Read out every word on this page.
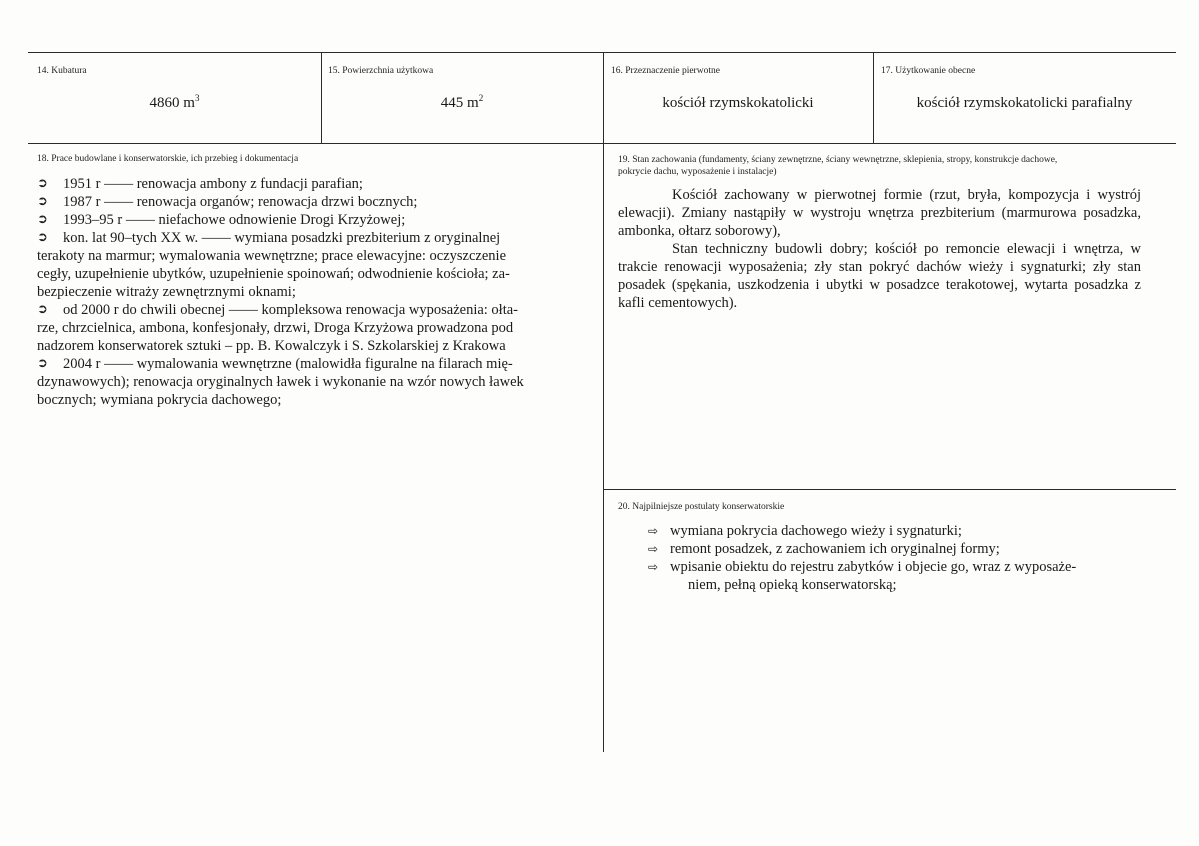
14. Kubatura
4860 $m^3$
15. Powierzchnia użytkowa
445 $m^2$
16. Przeznaczenie pierwotne
kościół rzymskokatolicki
17. Użytkowanie obecne
kościół rzymskokatolicki parafialny
18. Prace budowlane i konserwatorskie, ich przebieg i dokumentacja
➲	1951 r —— renowacja ambony z fundacji parafian;
➲	1987 r —— renowacja organów; renowacja drzwi bocznych;
➲	1993–95 r —— niefachowe odnowienie Drogi Krzyżowej;
➲	kon. lat 90–tych XX w. —— wymiana posadzki prezbiterium z oryginalnej
terakoty na marmur; wymalowania wewnętrzne; prace elewacyjne: oczyszczenie
cegły, uzupełnienie ubytków, uzupełnienie spoinowań; odwodnienie kościoła; za-
bezpieczenie witraży zewnętrznymi oknami;
➲	od 2000 r do chwili obecnej —— kompleksowa renowacja wyposażenia: ołta-
rze, chrzcielnica, ambona, konfesjonały, drzwi, Droga Krzyżowa prowadzona pod
nadzorem konserwatorek sztuki – pp. B. Kowalczyk i S. Szkolarskiej z Krakowa
➲	2004 r —— wymalowania wewnętrzne (malowidła figuralne na filarach mię-
dzynawowych); renowacja oryginalnych ławek i wykonanie na wzór nowych ławek
bocznych; wymiana pokrycia dachowego;
19. Stan zachowania (fundamenty, ściany zewnętrzne, ściany wewnętrzne, sklepienia, stropy, konstrukcje dachowe,
pokrycie dachu, wyposażenie i instalacje)
Kościół zachowany w pierwotnej formie (rzut, bryła, kompozycja i wystrój elewacji). Zmiany nastąpiły w wystroju wnętrza prezbiterium (marmurowa posadzka, ambonka, ołtarz soborowy),
Stan techniczny budowli dobry; kościół po remoncie elewacji i wnętrza, w trakcie renowacji wyposażenia; zły stan pokryć dachów wieży i sygnaturki; zły stan posadek (spękania, uszkodzenia i ubytki w posadzce terakotowej, wytarta posadzka z kafli cementowych).
20. Najpilniejsze postulaty konserwatorskie
⇨ wymiana pokrycia dachowego wieży i sygnaturki;
⇨ remont posadzek, z zachowaniem ich oryginalnej formy;
⇨ wpisanie obiektu do rejestru zabytków i objecie go, wraz z wyposaże-
niem, pełną opieką konserwatorską;
